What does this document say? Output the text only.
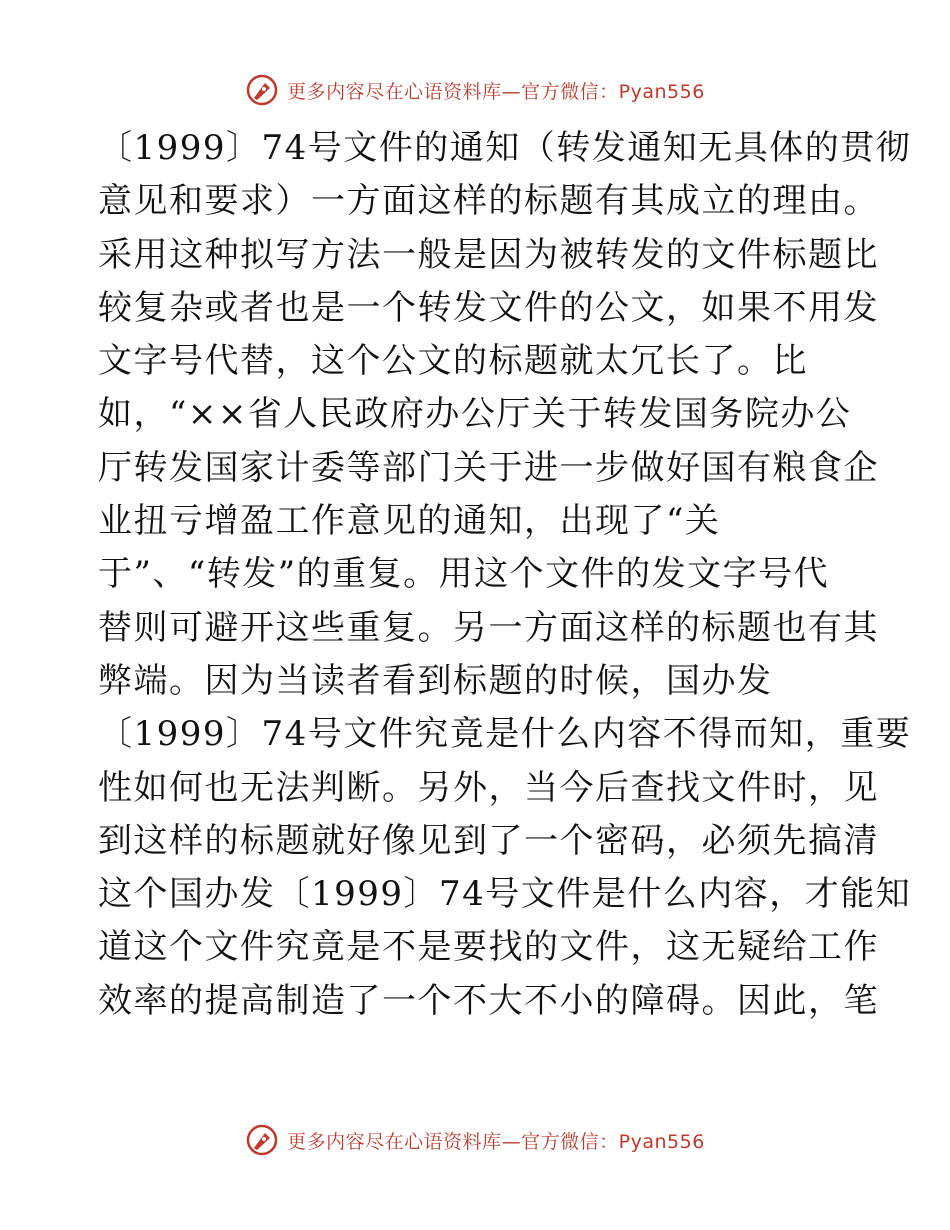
更多内容尽在心语资料库—官方微信：Pyan556
〔1999〕74号文件的通知（转发通知无具体的贯彻
意见和要求）一方面这样的标题有其成立的理由。
采用这种拟写方法一般是因为被转发的文件标题比
较复杂或者也是一个转发文件的公文，如果不用发
文字号代替，这个公文的标题就太冗长了。比
如，“××省人民政府办公厅关于转发国务院办公
厅转发国家计委等部门关于进一步做好国有粮食企
业扭亏增盈工作意见的通知，出现了“关
于”、“转发”的重复。用这个文件的发文字号代
替则可避开这些重复。另一方面这样的标题也有其
弊端。因为当读者看到标题的时候，国办发
〔1999〕74号文件究竟是什么内容不得而知，重要
性如何也无法判断。另外，当今后查找文件时，见
到这样的标题就好像见到了一个密码，必须先搞清
这个国办发〔1999〕74号文件是什么内容，才能知
道这个文件究竟是不是要找的文件，这无疑给工作
效率的提高制造了一个不大不小的障碍。因此，笔
更多内容尽在心语资料库—官方微信：Pyan556
